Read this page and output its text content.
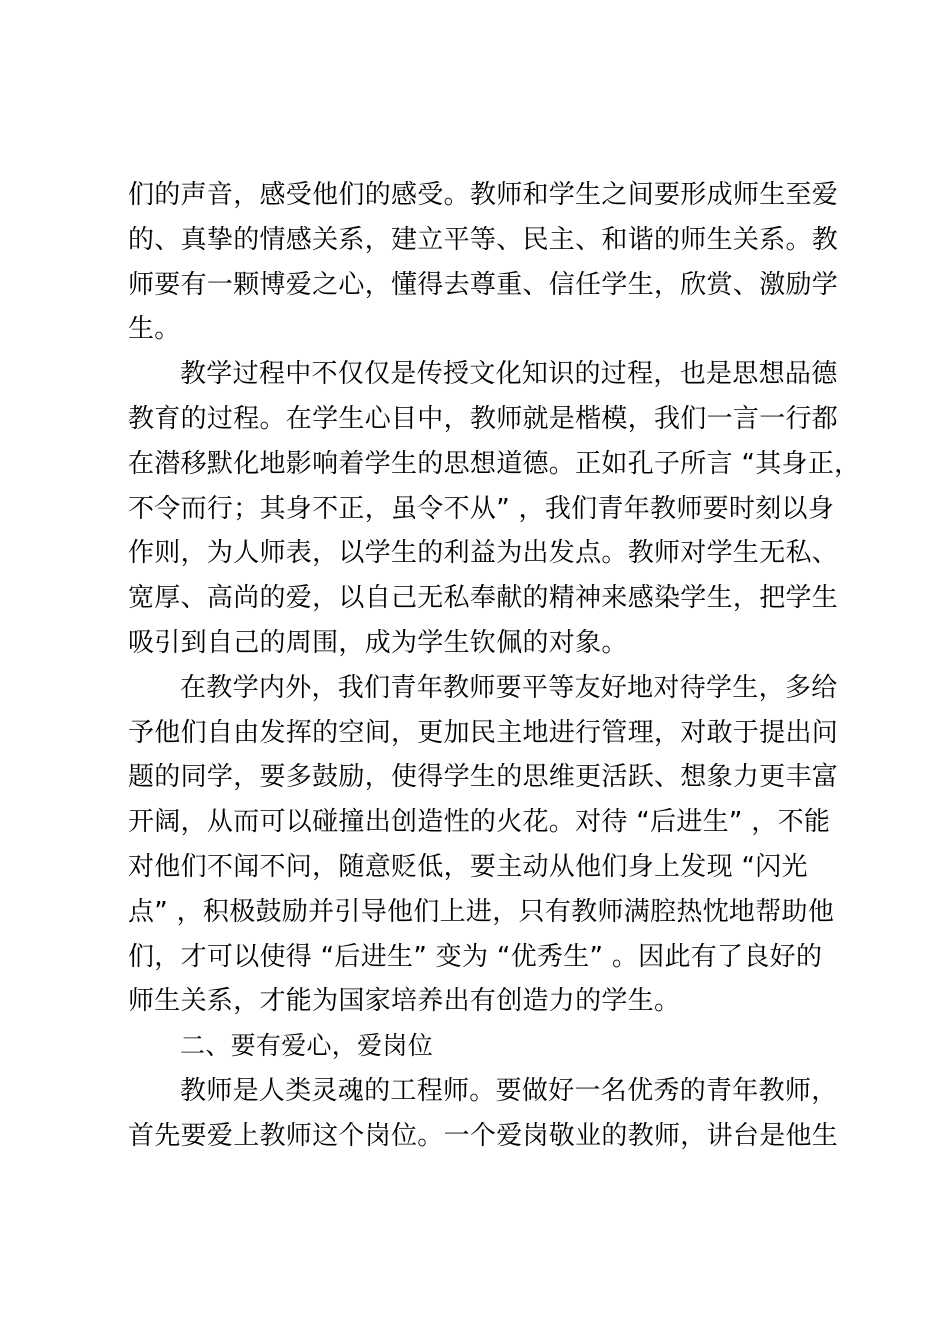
们的声音，感受他们的感受。教师和学生之间要形成师生至爱
的、真挚的情感关系，建立平等、民主、和谐的师生关系。教
师要有一颗博爱之心，懂得去尊重、信任学生，欣赏、激励学
生。
教学过程中不仅仅是传授文化知识的过程，也是思想品德
教育的过程。在学生心目中，教师就是楷模，我们一言一行都
在潜移默化地影响着学生的思想道德。正如孔子所言 “其身正，
不令而行；其身不正，虽令不从” ，我们青年教师要时刻以身
作则，为人师表，以学生的利益为出发点。教师对学生无私、
宽厚、高尚的爱，以自己无私奉献的精神来感染学生，把学生
吸引到自己的周围，成为学生钦佩的对象。
在教学内外，我们青年教师要平等友好地对待学生，多给
予他们自由发挥的空间，更加民主地进行管理，对敢于提出问
题的同学，要多鼓励，使得学生的思维更活跃、想象力更丰富
开阔，从而可以碰撞出创造性的火花。对待 “后进生” ，不能
对他们不闻不问，随意贬低，要主动从他们身上发现 “闪光
点” ，积极鼓励并引导他们上进，只有教师满腔热忱地帮助他
们，才可以使得 “后进生” 变为 “优秀生” 。因此有了良好的
师生关系，才能为国家培养出有创造力的学生。
二、要有爱心，爱岗位
教师是人类灵魂的工程师。要做好一名优秀的青年教师，
首先要爱上教师这个岗位。一个爱岗敬业的教师，讲台是他生
